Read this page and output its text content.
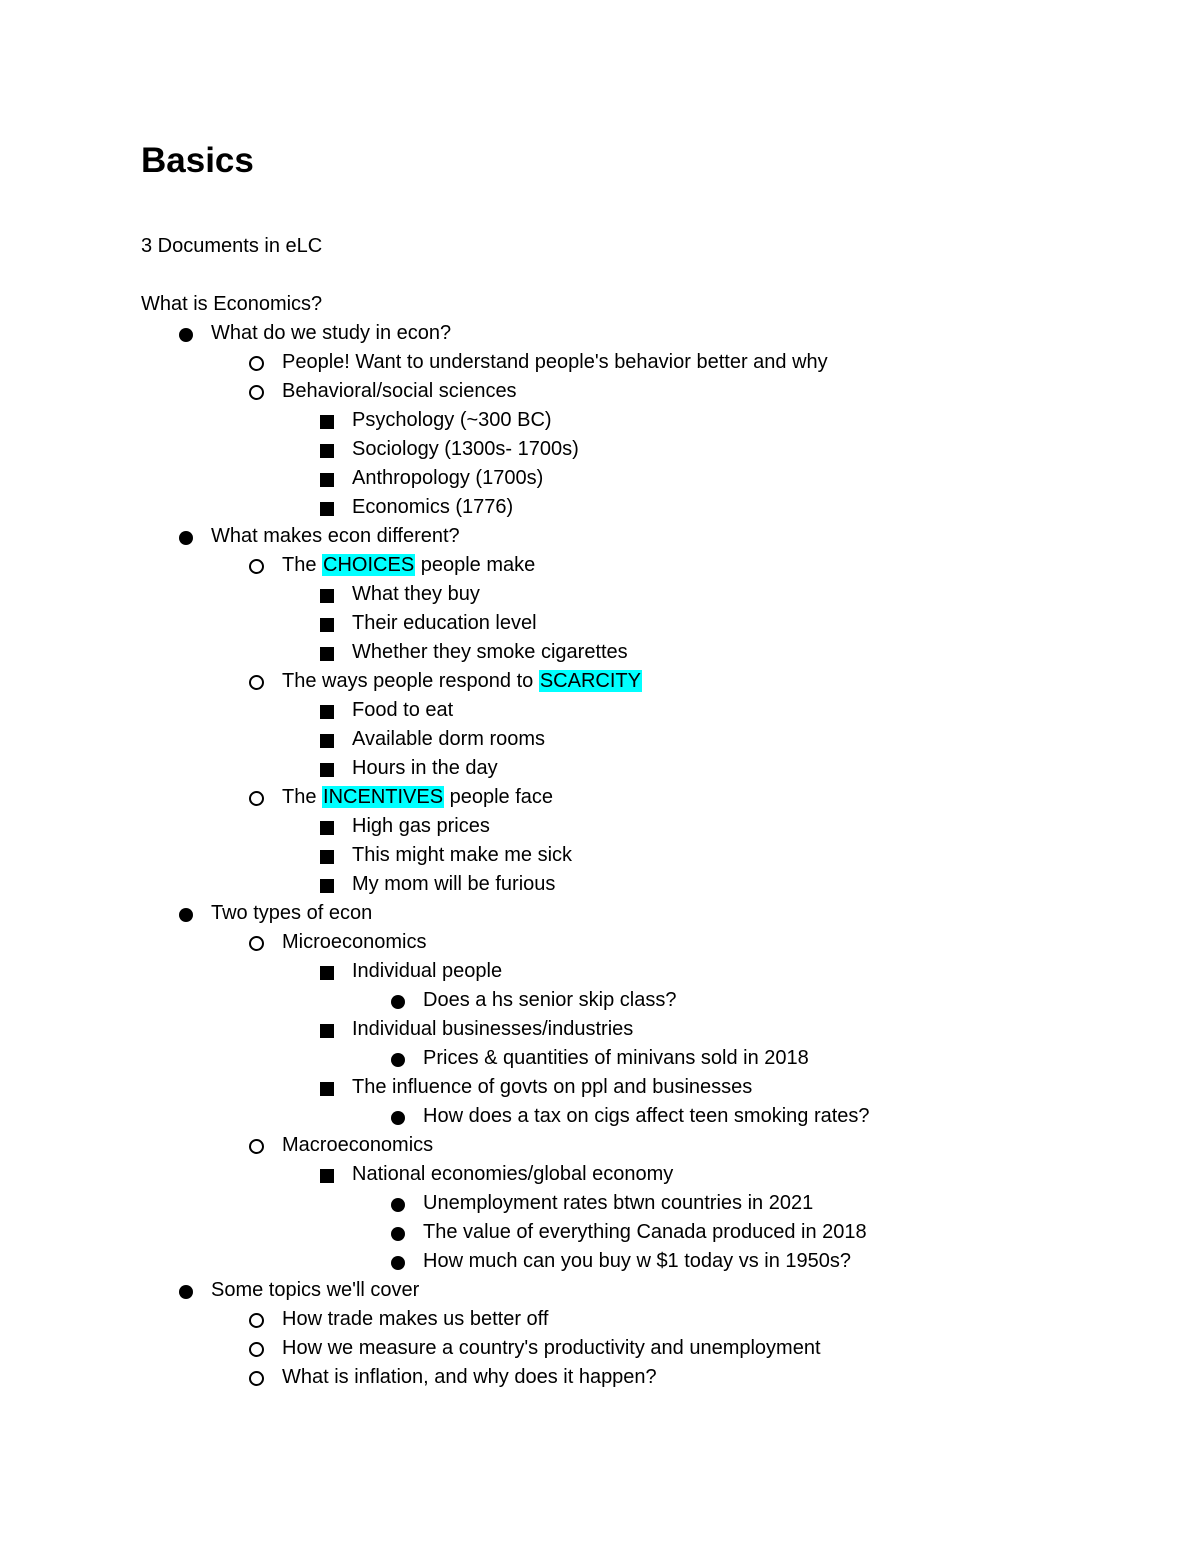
Basics

3 Documents in eLC

What is Economics?

What do we study in econ?
People! Want to understand people's behavior better and why
Behavioral/social sciences
Psychology (~300 BC)
Sociology (1300s- 1700s)
Anthropology (1700s)
Economics (1776)
What makes econ different?
The CHOICES people make
What they buy
Their education level
Whether they smoke cigarettes
The ways people respond to SCARCITY
Food to eat
Available dorm rooms
Hours in the day
The INCENTIVES people face
High gas prices
This might make me sick
My mom will be furious
Two types of econ
Microeconomics
Individual people
Does a hs senior skip class?
Individual businesses/industries
Prices & quantities of minivans sold in 2018
The influence of govts on ppl and businesses
How does a tax on cigs affect teen smoking rates?
Macroeconomics
National economies/global economy
Unemployment rates btwn countries in 2021
The value of everything Canada produced in 2018
How much can you buy w $1 today vs in 1950s?
Some topics we'll cover
How trade makes us better off
How we measure a country's productivity and unemployment
What is inflation, and why does it happen?
